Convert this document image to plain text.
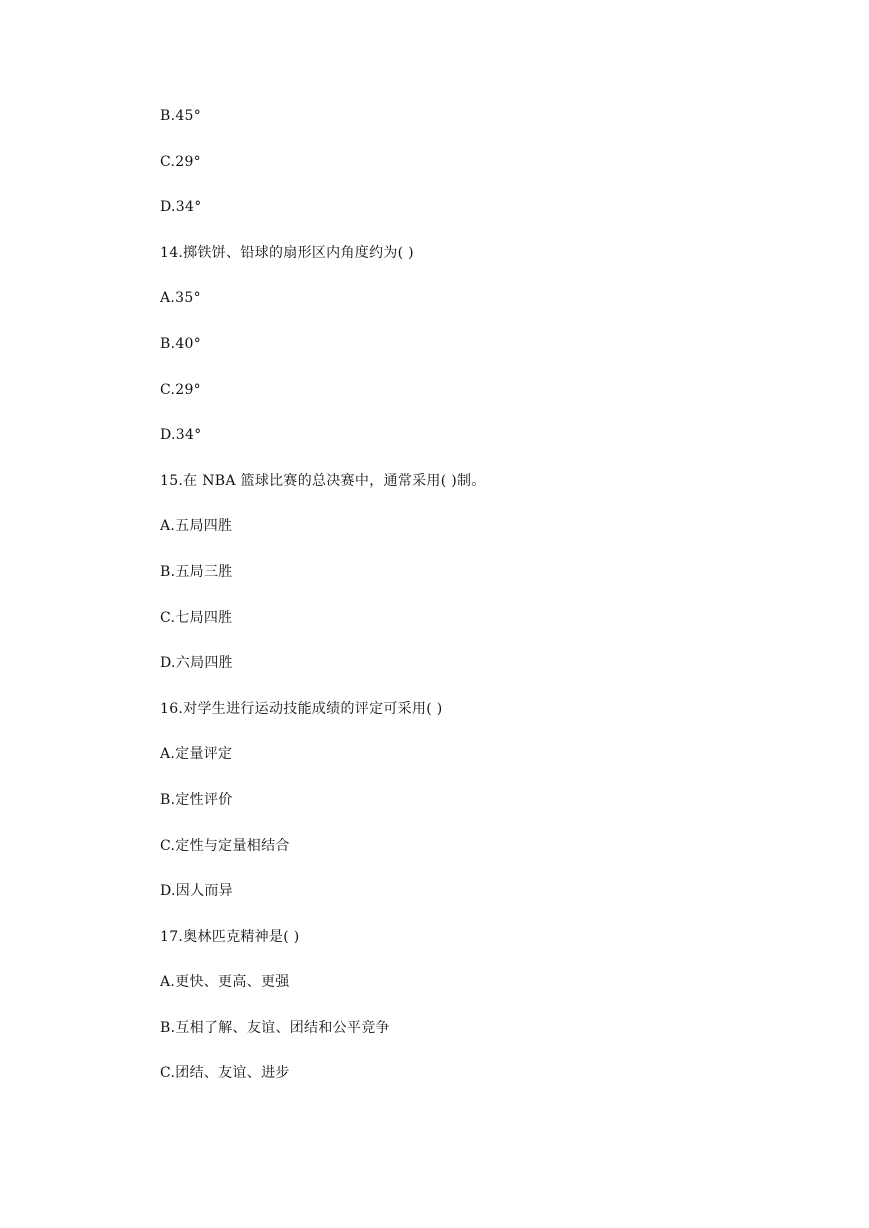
B.45°
C.29°
D.34°
14.掷铁饼、铅球的扇形区内角度约为( )
A.35°
B.40°
C.29°
D.34°
15.在 NBA 篮球比赛的总决赛中，通常采用( )制。
A.五局四胜
B.五局三胜
C.七局四胜
D.六局四胜
16.对学生进行运动技能成绩的评定可采用( )
A.定量评定
B.定性评价
C.定性与定量相结合
D.因人而异
17.奥林匹克精神是( )
A.更快、更高、更强
B.互相了解、友谊、团结和公平竞争
C.团结、友谊、进步
